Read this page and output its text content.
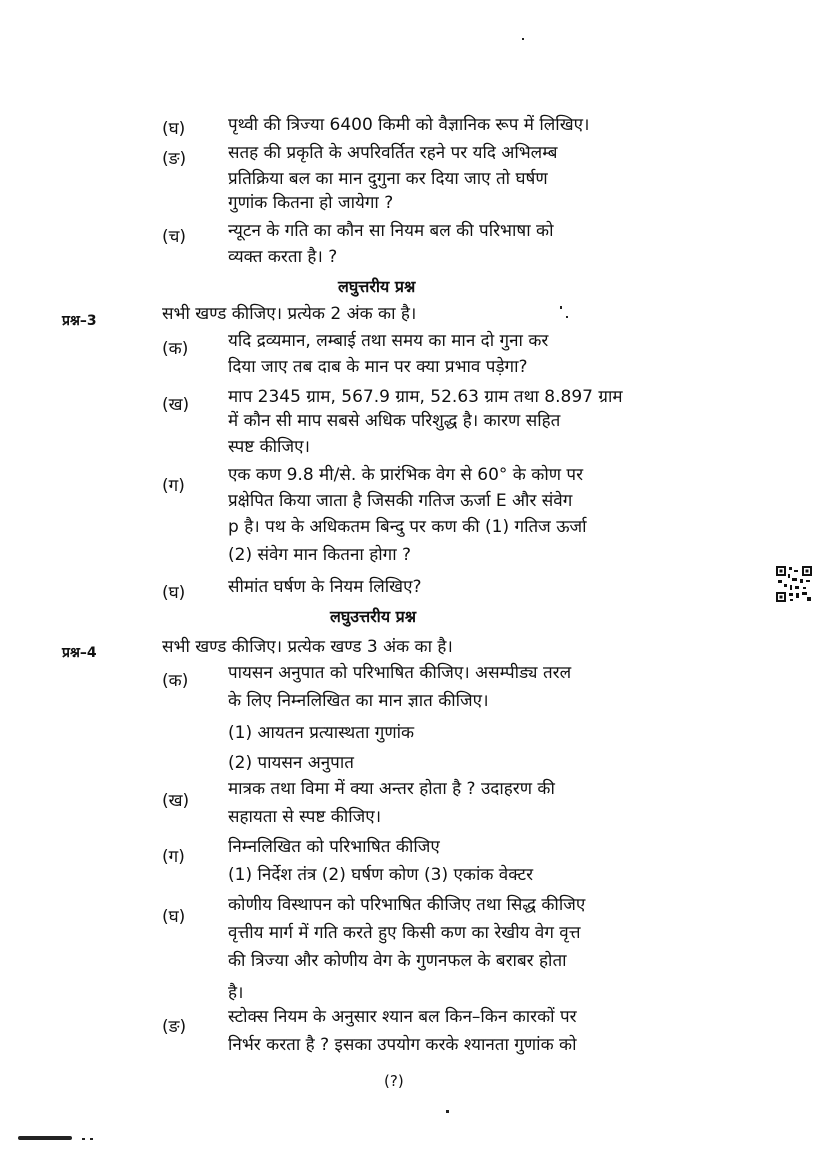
(घ)	पृथ्वी की त्रिज्या 6400 किमी को वैज्ञानिक रूप में लिखिए।
(ङ) सतह की प्रकृति के अपरिवर्तित रहने पर यदि अभिलम्ब
प्रतिक्रिया बल का मान दुगुना कर दिया जाए तो घर्षण
गुणांक कितना हो जायेगा ?
(च) न्यूटन के गति का कौन सा नियम बल की परिभाषा को
व्यक्त करता है। ?
लघुत्तरीय प्रश्न
प्रश्न–3	सभी खण्ड कीजिए। प्रत्येक 2 अंक का है।
(क) यदि द्रव्यमान, लम्बाई तथा समय का मान दो गुना कर
दिया जाए तब दाब के मान पर क्या प्रभाव पड़ेगा?
(ख) माप 2345 ग्राम, 567.9 ग्राम, 52.63 ग्राम तथा 8.897 ग्राम
में कौन सी माप सबसे अधिक परिशुद्ध है। कारण सहित
स्पष्ट कीजिए।
(ग)
एक कण 9.8 मी/से. के प्रारंभिक वेग से 60° के कोण पर
प्रक्षेपित किया जाता है जिसकी गतिज ऊर्जा E और संवेग
p है। पथ के अधिकतम बिन्दु पर कण की (1) गतिज ऊर्जा
(2) संवेग मान कितना होगा ?
(घ)	सीमांत घर्षण के नियम लिखिए?
लघुउत्तरीय प्रश्न
प्रश्न–4	सभी खण्ड कीजिए। प्रत्येक खण्ड 3 अंक का है।
(क) पायसन अनुपात को परिभाषित कीजिए। असम्पीड्य तरल
के लिए निम्नलिखित का मान ज्ञात कीजिए।
(1) आयतन प्रत्यास्थता गुणांक
(2) पायसन अनुपात
(ख)
मात्रक तथा विमा में क्या अन्तर होता है ? उदाहरण की
सहायता से स्पष्ट कीजिए।
(ग)	निम्नलिखित को परिभाषित कीजिए
(1) निर्देश तंत्र (2) घर्षण कोण (3) एकांक वेक्टर
(घ)
कोणीय विस्थापन को परिभाषित कीजिए तथा सिद्ध कीजिए
वृत्तीय मार्ग में गति करते हुए किसी कण का रेखीय वेग वृत्त
की त्रिज्या और कोणीय वेग के गुणनफल के बराबर होता
है।
(ङ) स्टोक्स नियम के अनुसार श्यान बल किन–किन कारकों पर
निर्भर करता है ? इसका उपयोग करके श्यानता गुणांक को
(?)
